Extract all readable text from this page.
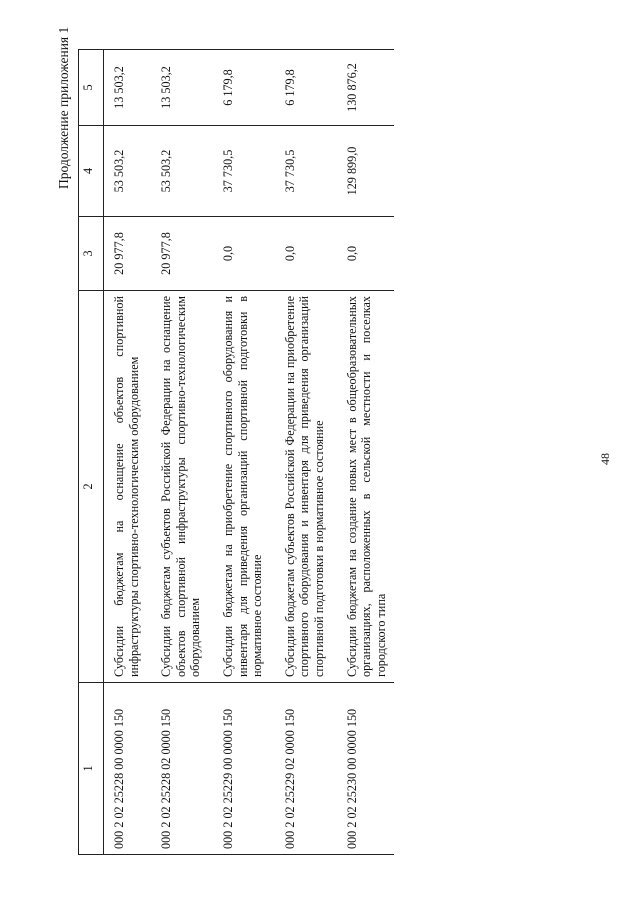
48
Продолжение приложения 1
1	2	3	4	5
000 2 02 25228 00 0000 150	Субсидии бюджетам на оснащение объектов спортивной инфраструктуры спортивно-технологическим оборудованием	20 977,8	53 503,2	13 503,2
000 2 02 25228 02 0000 150	Субсидии бюджетам субъектов Российской Федерации на оснащение объектов спортивной инфраструктуры спортивно-технологическим оборудованием	20 977,8	53 503,2	13 503,2
000 2 02 25229 00 0000 150	Субсидии бюджетам на приобретение спортивного оборудования и инвентаря для приведения организаций спортивной подготовки в нормативное состояние	0,0	37 730,5	6 179,8
000 2 02 25229 02 0000 150	Субсидии бюджетам субъектов Российской Федерации на приобретение спортивного оборудования и инвентаря для приведения организаций спортивной подготовки в нормативное состояние	0,0	37 730,5	6 179,8
000 2 02 25230 00 0000 150	Субсидии бюджетам на создание новых мест в общеобразовательных организациях, расположенных в сельской местности и поселках городского типа	0,0	129 899,0	130 876,2
